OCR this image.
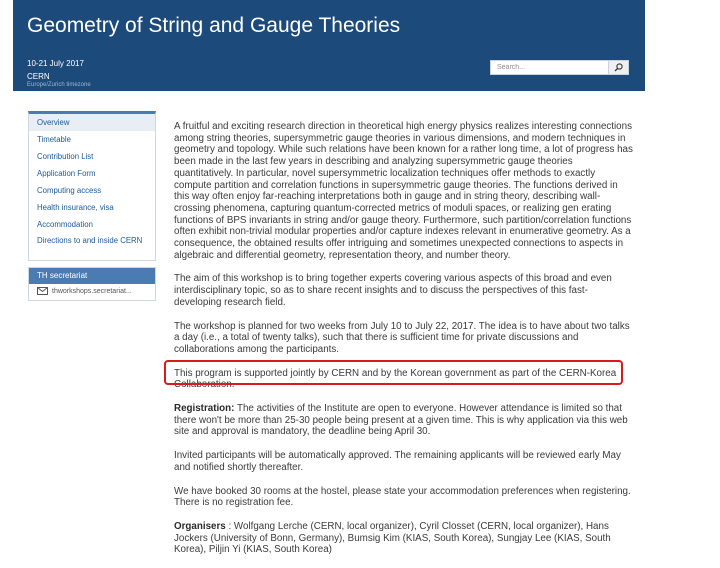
Geometry of String and Gauge Theories
10-21 July 2017
CERN
Europe/Zurich timezone
Search...
Overview
Timetable
Contribution List
Application Form
Computing access
Health insurance, visa
Accommodation
Directions to and inside CERN
TH secretariat
thworkshops.secretariat...

A fruitful and exciting research direction in theoretical high energy physics realizes interesting connections among string theories, supersymmetric gauge theories in various dimensions, and modern techniques in geometry and topology. While such relations have been known for a rather long time, a lot of progress has been made in the last few years in describing and analyzing supersymmetric gauge theories quantitatively. In particular, novel supersymmetric localization techniques offer methods to exactly compute partition and correlation functions in supersymmetric gauge theories. The functions derived in this way often enjoy far-reaching interpretations both in gauge and in string theory, describing wall-crossing phenomena, capturing quantum-corrected metrics of moduli spaces, or realizing gen erating functions of BPS invariants in string and/or gauge theory. Furthermore, such partition/correlation functions often exhibit non-trivial modular properties and/or capture indexes relevant in enumerative geometry. As a consequence, the obtained results offer intriguing and sometimes unexpected connections to aspects in algebraic and differential geometry, representation theory, and number theory.

The aim of this workshop is to bring together experts covering various aspects of this broad and even interdisciplinary topic, so as to share recent insights and to discuss the perspectives of this fast-developing research field.

The workshop is planned for two weeks from July 10 to July 22, 2017. The idea is to have about two talks a day (i.e., a total of twenty talks), such that there is sufficient time for private discussions and collaborations among the participants.

This program is supported jointly by CERN and by the Korean government as part of the CERN-Korea Collaboration.

Registration: The activities of the Institute are open to everyone. However attendance is limited so that there won't be more than 25-30 people being present at a given time. This is why application via this web site and approval is mandatory, the deadline being April 30.

Invited participants will be automatically approved. The remaining applicants will be reviewed early May and notified shortly thereafter.

We have booked 30 rooms at the hostel, please state your accommodation preferences when registering. There is no registration fee.

Organisers : Wolfgang Lerche (CERN, local organizer), Cyril Closset (CERN, local organizer), Hans Jockers (University of Bonn, Germany), Bumsig Kim (KIAS, South Korea), Sungjay Lee (KIAS, South Korea), Piljin Yi (KIAS, South Korea)
